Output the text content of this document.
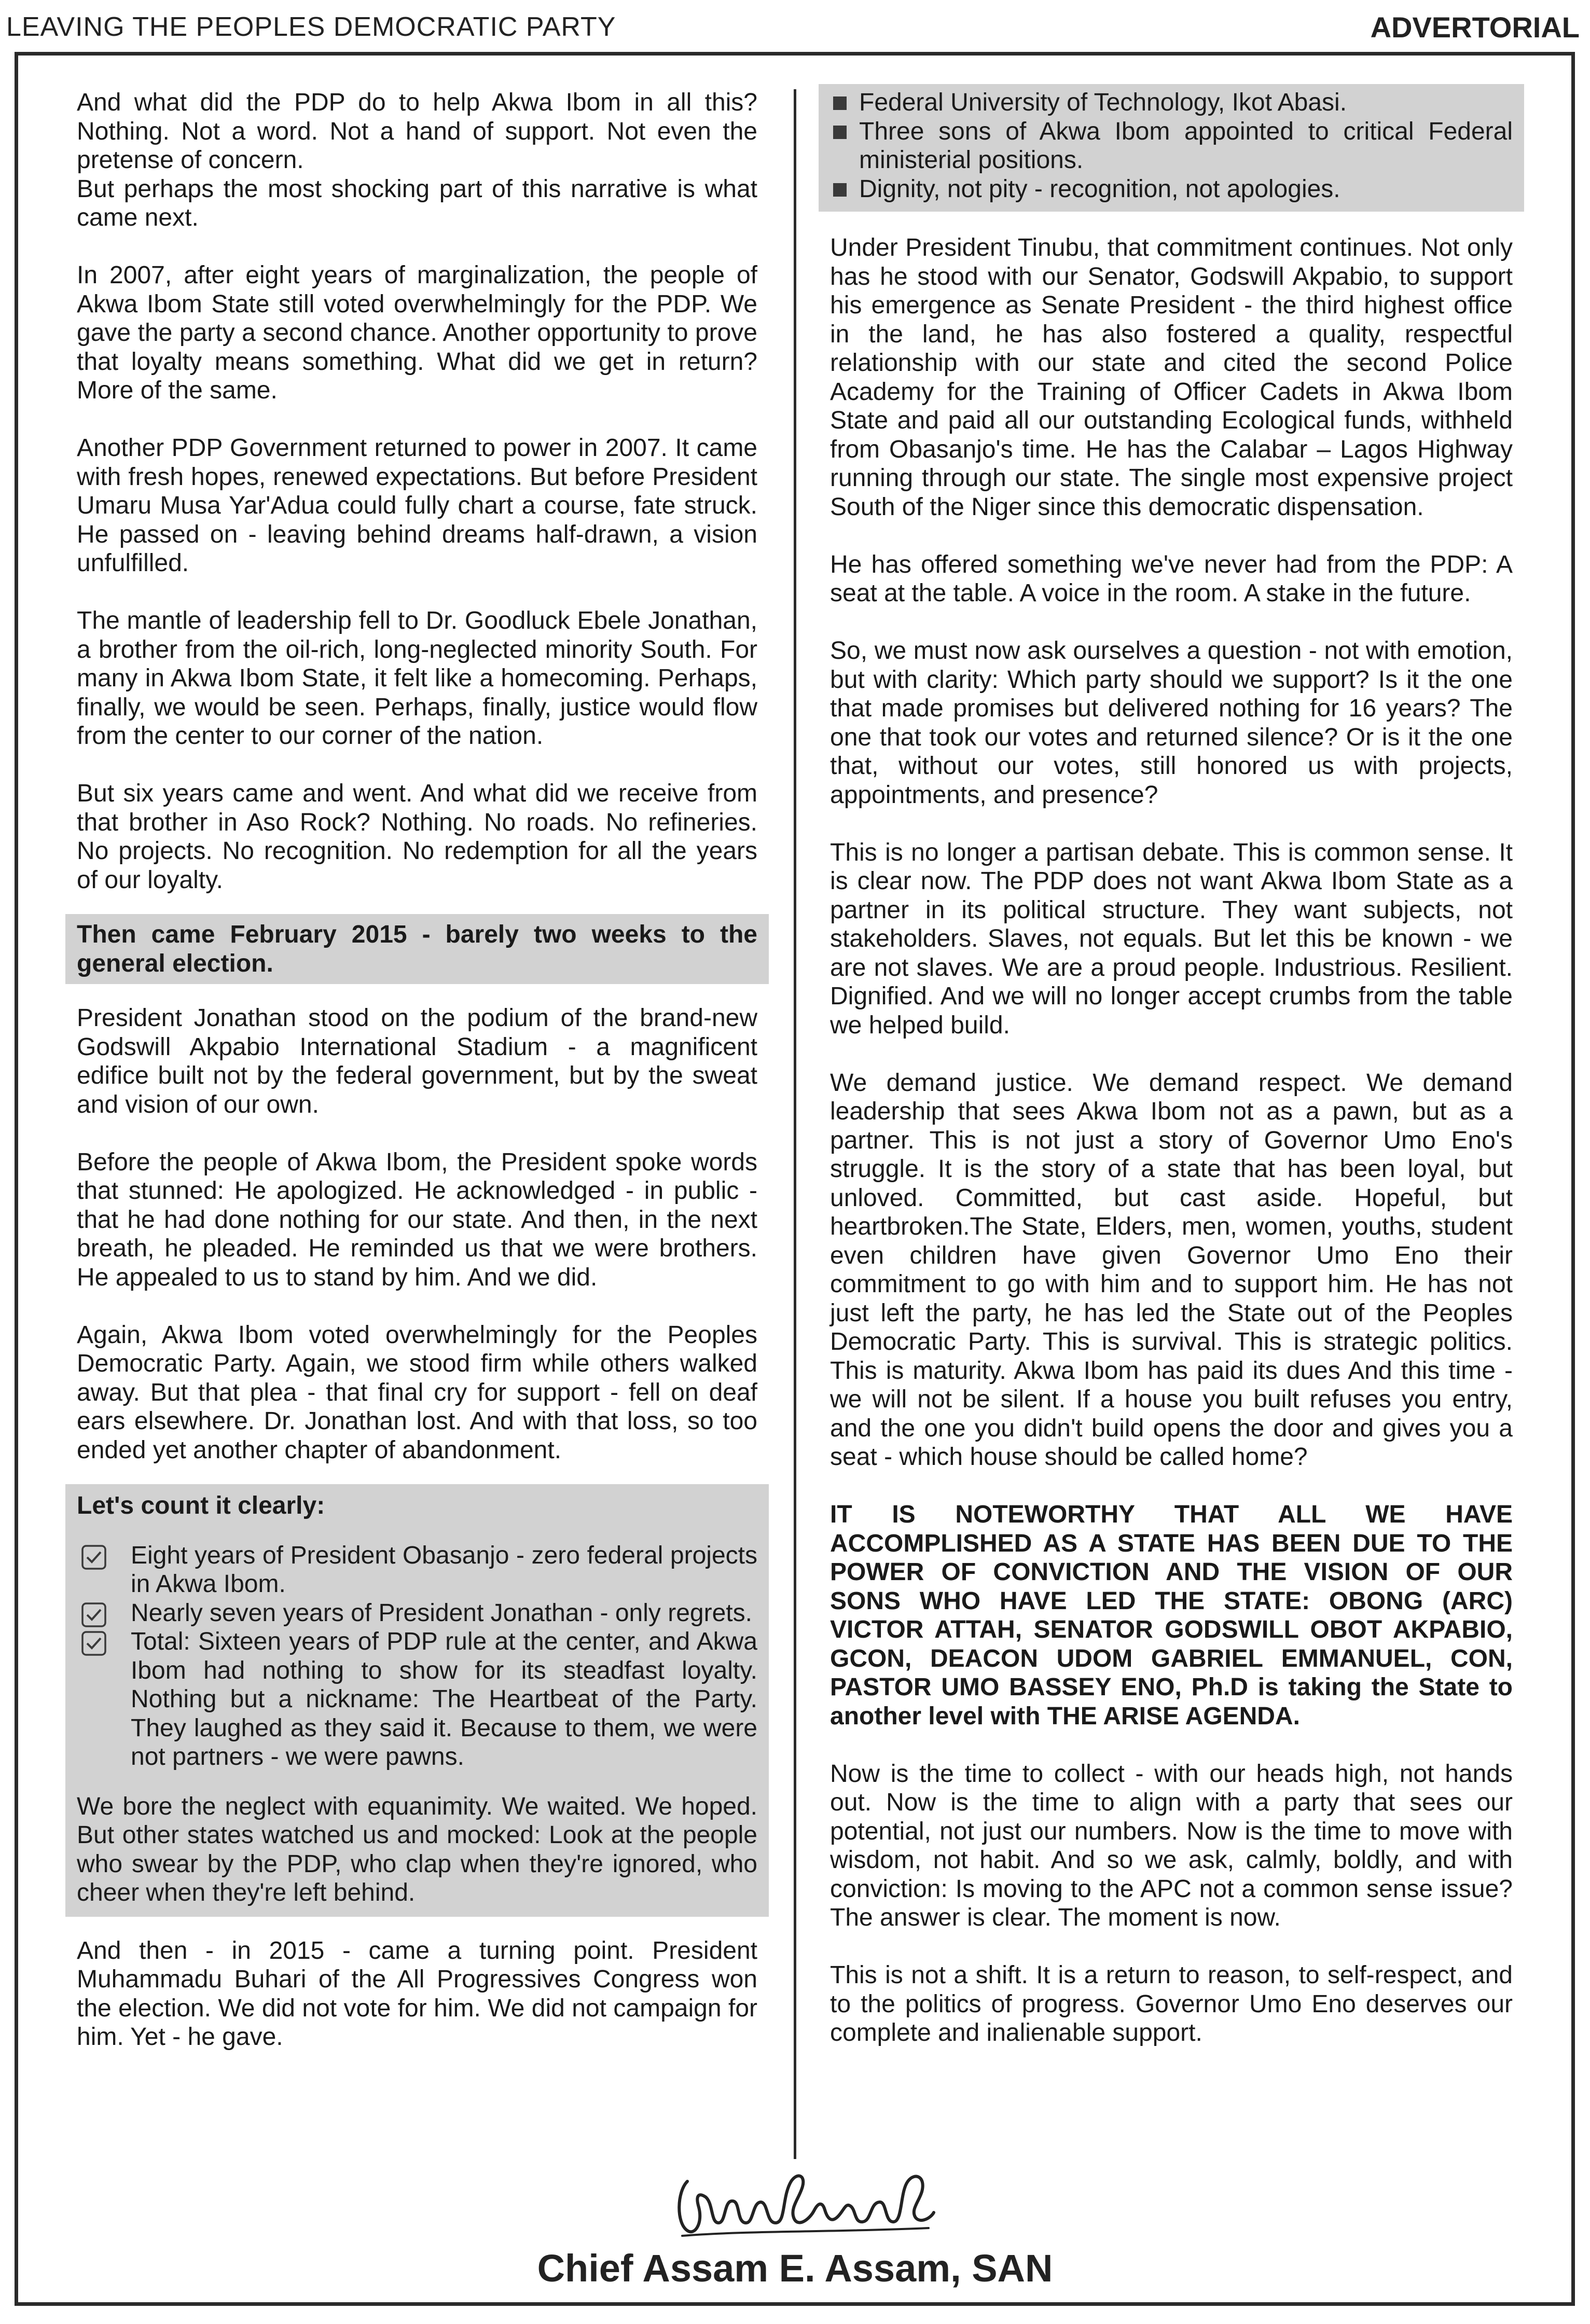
LEAVING THE PEOPLES DEMOCRATIC PARTY	ADVERTORIAL

And what did the PDP do to help Akwa Ibom in all this? Nothing. Not a word. Not a hand of support. Not even the pretense of concern.

But perhaps the most shocking part of this narrative is what came next.

In 2007, after eight years of marginalization, the people of Akwa Ibom State still voted overwhelmingly for the PDP. We gave the party a second chance. Another opportunity to prove that loyalty means something. What did we get in return? More of the same.

Another PDP Government returned to power in 2007. It came with fresh hopes, renewed expectations. But before President Umaru Musa Yar'Adua could fully chart a course, fate struck. He passed on - leaving behind dreams half-drawn, a vision unfulfilled.

The mantle of leadership fell to Dr. Goodluck Ebele Jonathan, a brother from the oil-rich, long-neglected minority South. For many in Akwa Ibom State, it felt like a homecoming. Perhaps, finally, we would be seen. Perhaps, finally, justice would flow from the center to our corner of the nation.

But six years came and went. And what did we receive from that brother in Aso Rock? Nothing. No roads. No refineries. No projects. No recognition. No redemption for all the years of our loyalty.

Then came February 2015 - barely two weeks to the general election.

President Jonathan stood on the podium of the brand-new Godswill Akpabio International Stadium - a magnificent edifice built not by the federal government, but by the sweat and vision of our own.

Before the people of Akwa Ibom, the President spoke words that stunned: He apologized. He acknowledged - in public - that he had done nothing for our state. And then, in the next breath, he pleaded. He reminded us that we were brothers. He appealed to us to stand by him. And we did.

Again, Akwa Ibom voted overwhelmingly for the Peoples Democratic Party. Again, we stood firm while others walked away. But that plea - that final cry for support - fell on deaf ears elsewhere. Dr. Jonathan lost. And with that loss, so too ended yet another chapter of abandonment.

Let's count it clearly:

Eight years of President Obasanjo - zero federal projects in Akwa Ibom.
Nearly seven years of President Jonathan - only regrets.
Total: Sixteen years of PDP rule at the center, and Akwa Ibom had nothing to show for its steadfast loyalty. Nothing but a nickname: The Heartbeat of the Party. They laughed as they said it. Because to them, we were not partners - we were pawns.

We bore the neglect with equanimity. We waited. We hoped. But other states watched us and mocked: Look at the people who swear by the PDP, who clap when they're ignored, who cheer when they're left behind.

And then - in 2015 - came a turning point. President Muhammadu Buhari of the All Progressives Congress won the election. We did not vote for him. We did not campaign for him. Yet - he gave.

Federal University of Technology, Ikot Abasi.
Three sons of Akwa Ibom appointed to critical Federal ministerial positions.
Dignity, not pity - recognition, not apologies.

Under President Tinubu, that commitment continues. Not only has he stood with our Senator, Godswill Akpabio, to support his emergence as Senate President - the third highest office in the land, he has also fostered a quality, respectful relationship with our state and cited the second Police Academy for the Training of Officer Cadets in Akwa Ibom State and paid all our outstanding Ecological funds, withheld from Obasanjo's time. He has the Calabar – Lagos Highway running through our state. The single most expensive project South of the Niger since this democratic dispensation.

He has offered something we've never had from the PDP: A seat at the table. A voice in the room. A stake in the future.

So, we must now ask ourselves a question - not with emotion, but with clarity: Which party should we support? Is it the one that made promises but delivered nothing for 16 years? The one that took our votes and returned silence? Or is it the one that, without our votes, still honored us with projects, appointments, and presence?

This is no longer a partisan debate. This is common sense. It is clear now. The PDP does not want Akwa Ibom State as a partner in its political structure. They want subjects, not stakeholders. Slaves, not equals. But let this be known - we are not slaves. We are a proud people. Industrious. Resilient. Dignified. And we will no longer accept crumbs from the table we helped build.

We demand justice. We demand respect. We demand leadership that sees Akwa Ibom not as a pawn, but as a partner. This is not just a story of Governor Umo Eno's struggle. It is the story of a state that has been loyal, but unloved. Committed, but cast aside. Hopeful, but heartbroken.The State, Elders, men, women, youths, student even children have given Governor Umo Eno their commitment to go with him and to support him. He has not just left the party, he has led the State out of the Peoples Democratic Party. This is survival. This is strategic politics. This is maturity. Akwa Ibom has paid its dues And this time - we will not be silent. If a house you built refuses you entry, and the one you didn't build opens the door and gives you a seat - which house should be called home?

IT IS NOTEWORTHY THAT ALL WE HAVE ACCOMPLISHED AS A STATE HAS BEEN DUE TO THE POWER OF CONVICTION AND THE VISION OF OUR SONS WHO HAVE LED THE STATE: OBONG (ARC) VICTOR ATTAH, SENATOR GODSWILL OBOT AKPABIO, GCON, DEACON UDOM GABRIEL EMMANUEL, CON, PASTOR UMO BASSEY ENO, Ph.D is taking the State to another level with THE ARISE AGENDA.

Now is the time to collect - with our heads high, not hands out. Now is the time to align with a party that sees our potential, not just our numbers. Now is the time to move with wisdom, not habit. And so we ask, calmly, boldly, and with conviction: Is moving to the APC not a common sense issue? The answer is clear. The moment is now.

This is not a shift. It is a return to reason, to self-respect, and to the politics of progress. Governor Umo Eno deserves our complete and inalienable support.

Chief Assam E. Assam, SAN
